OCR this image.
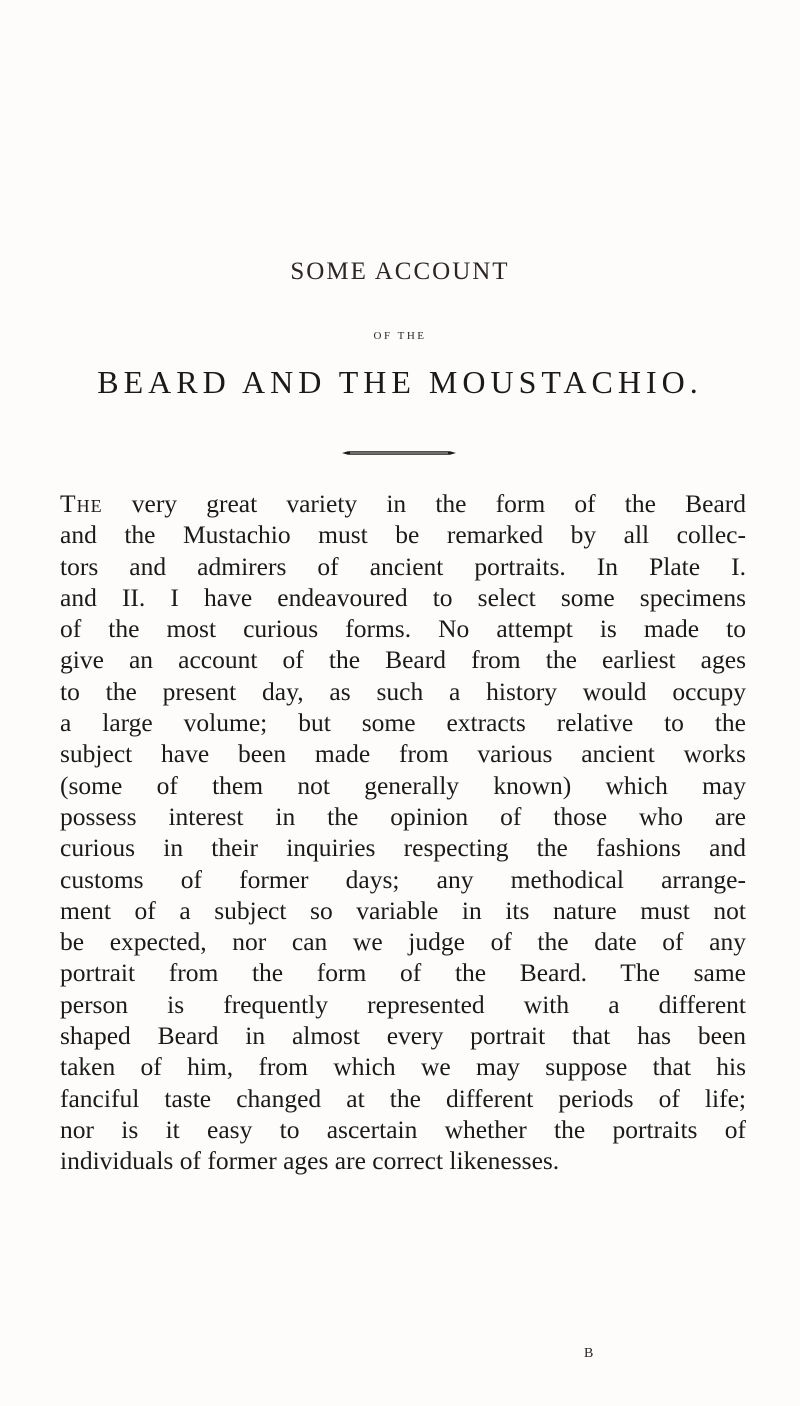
SOME ACCOUNT
OF THE
BEARD AND THE MOUSTACHIO.
The very great variety in the form of the Beard
and the Mustachio must be remarked by all collec-
tors and admirers of ancient portraits. In Plate I.
and II. I have endeavoured to select some specimens
of the most curious forms. No attempt is made to
give an account of the Beard from the earliest ages
to the present day, as such a history would occupy
a large volume; but some extracts relative to the
subject have been made from various ancient works
(some of them not generally known) which may
possess interest in the opinion of those who are
curious in their inquiries respecting the fashions and
customs of former days; any methodical arrange-
ment of a subject so variable in its nature must not
be expected, nor can we judge of the date of any
portrait from the form of the Beard. The same
person is frequently represented with a different
shaped Beard in almost every portrait that has been
taken of him, from which we may suppose that his
fanciful taste changed at the different periods of life;
nor is it easy to ascertain whether the portraits of
individuals of former ages are correct likenesses.
B
